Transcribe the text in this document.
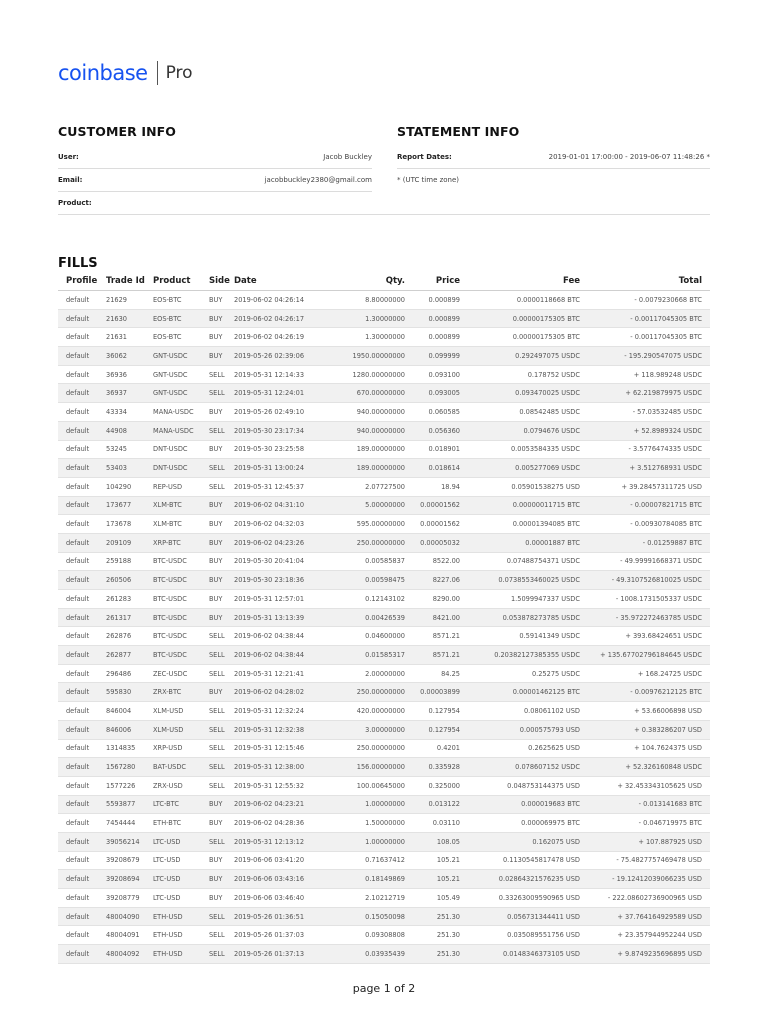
coinbase Pro
CUSTOMER INFO
User:	Jacob Buckley
Email:	jacobbuckley2380@gmail.com
Product:
STATEMENT INFO
Report Dates:	2019-01-01 17:00:00 - 2019-06-07 11:48:26 *
* (UTC time zone)
FILLS
Profile	Trade Id	Product	Side	Date	Qty.	Price	Fee	Total
default	21629	EOS-BTC	BUY	2019-06-02 04:26:14	8.80000000	0.000899	0.0000118668 BTC	- 0.0079230668 BTC
default	21630	EOS-BTC	BUY	2019-06-02 04:26:17	1.30000000	0.000899	0.0000017530​5 BTC	- 0.00117045305 BTC
default	21631	EOS-BTC	BUY	2019-06-02 04:26:19	1.30000000	0.000899	0.00000175305 BTC	- 0.00117045305 BTC
default	36062	GNT-USDC	BUY	2019-05-26 02:39:06	1950.00000000	0.099999	0.292497075 USDC	- 195.290547075 USDC
default	36936	GNT-USDC	SELL	2019-05-31 12:14:33	1280.00000000	0.093100	0.178752 USDC	+ 118.989248 USDC
default	36937	GNT-USDC	SELL	2019-05-31 12:24:01	670.00000000	0.093005	0.093470025 USDC	+ 62.219879975 USDC
default	43334	MANA-USDC	BUY	2019-05-26 02:49:10	940.00000000	0.060585	0.08542485 USDC	- 57.03532485 USDC
default	44908	MANA-USDC	SELL	2019-05-30 23:17:34	940.00000000	0.056360	0.0794676 USDC	+ 52.8989324 USDC
default	53245	DNT-USDC	BUY	2019-05-30 23:25:58	189.00000000	0.018901	0.0053584335 USDC	- 3.5776474335 USDC
default	53403	DNT-USDC	SELL	2019-05-31 13:00:24	189.00000000	0.018614	0.005277069 USDC	+ 3.512768931 USDC
default	104290	REP-USD	SELL	2019-05-31 12:45:37	2.07727500	18.94	0.05901538275 USD	+ 39.28457311725 USD
default	173677	XLM-BTC	BUY	2019-06-02 04:31:10	5.00000000	0.00001562	0.00000011715 BTC	- 0.00007821715 BTC
default	173678	XLM-BTC	BUY	2019-06-02 04:32:03	595.00000000	0.00001562	0.00001394085 BTC	- 0.00930784085 BTC
default	209109	XRP-BTC	BUY	2019-06-02 04:23:26	250.00000000	0.00005032	0.00001887 BTC	- 0.01259887 BTC
default	259188	BTC-USDC	BUY	2019-05-30 20:41:04	0.00585837	8522.00	0.07488754371 USDC	- 49.99991668371 USDC
default	260506	BTC-USDC	BUY	2019-05-30 23:18:36	0.00598475	8227.06	0.0738553460025 USDC	- 49.3107526810025 USDC
default	261283	BTC-USDC	BUY	2019-05-31 12:57:01	0.12143102	8290.00	1.5099947337 USDC	- 1008.1731505337 USDC
default	261317	BTC-USDC	BUY	2019-05-31 13:13:39	0.00426539	8421.00	0.053878273785 USDC	- 35.972272463785 USDC
default	262876	BTC-USDC	SELL	2019-06-02 04:38:44	0.04600000	8571.21	0.59141349 USDC	+ 393.68424651 USDC
default	262877	BTC-USDC	SELL	2019-06-02 04:38:44	0.01585317	8571.21	0.20382127385355 USDC	+ 135.67702796184645 USDC
default	296486	ZEC-USDC	SELL	2019-05-31 12:21:41	2.00000000	84.25	0.25275 USDC	+ 168.24725 USDC
default	595830	ZRX-BTC	BUY	2019-06-02 04:28:02	250.00000000	0.00003899	0.00001462125 BTC	- 0.00976212125 BTC
default	846004	XLM-USD	SELL	2019-05-31 12:32:24	420.00000000	0.127954	0.08061102 USD	+ 53.66006898 USD
default	846006	XLM-USD	SELL	2019-05-31 12:32:38	3.00000000	0.127954	0.000575793 USD	+ 0.383286207 USD
default	1314835	XRP-USD	SELL	2019-05-31 12:15:46	250.00000000	0.4201	0.2625625 USD	+ 104.7624375 USD
default	1567280	BAT-USDC	SELL	2019-05-31 12:38:00	156.00000000	0.335928	0.078607152 USDC	+ 52.326160848 USDC
default	1577226	ZRX-USD	SELL	2019-05-31 12:55:32	100.00645000	0.325000	0.048753144375 USD	+ 32.453343105625 USD
default	5593877	LTC-BTC	BUY	2019-06-02 04:23:21	1.00000000	0.013122	0.000019683 BTC	- 0.013141683 BTC
default	7454444	ETH-BTC	BUY	2019-06-02 04:28:36	1.50000000	0.03110	0.000069975 BTC	- 0.046719975 BTC
default	39056214	LTC-USD	SELL	2019-05-31 12:13:12	1.00000000	108.05	0.162075 USD	+ 107.887925 USD
default	39208679	LTC-USD	BUY	2019-06-06 03:41:20	0.71637412	105.21	0.1130545817478 USD	- 75.4827757469478 USD
default	39208694	LTC-USD	BUY	2019-06-06 03:43:16	0.18149869	105.21	0.02864321576235 USD	- 19.12412039066235 USD
default	39208779	LTC-USD	BUY	2019-06-06 03:46:40	2.10212719	105.49	0.33263009590965 USD	- 222.08602736900965 USD
default	48004090	ETH-USD	SELL	2019-05-26 01:36:51	0.15050098	251.30	0.056731344411 USD	+ 37.764164929589 USD
default	48004091	ETH-USD	SELL	2019-05-26 01:37:03	0.09308808	251.30	0.035089551756 USD	+ 23.357944952244 USD
default	48004092	ETH-USD	SELL	2019-05-26 01:37:13	0.03935439	251.30	0.0148346373105 USD	+ 9.8749235696895 USD
page 1 of 2
